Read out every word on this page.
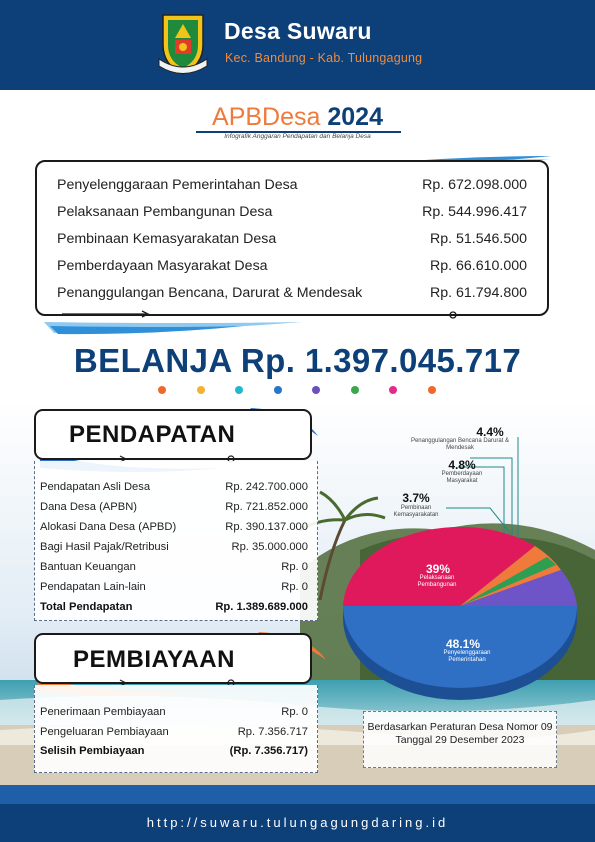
Desa Suwaru
Kec. Bandung - Kab. Tulungagung
APBDesa 2024
Infografik Anggaran Pendapatan dan Belanja Desa
Penyelenggaraan Pemerintahan Desa	Rp. 672.098.000
Pelaksanaan Pembangunan Desa	Rp. 544.996.417
Pembinaan Kemasyarakatan Desa	Rp. 51.546.500
Pemberdayaan Masyarakat Desa	Rp. 66.610.000
Penanggulangan Bencana, Darurat & Mendesak	Rp. 61.794.800
BELANJA Rp. 1.397.045.717
PENDAPATAN
Pendapatan Asli Desa	Rp. 242.700.000
Dana Desa (APBN)	Rp. 721.852.000
Alokasi Dana Desa (APBD)	Rp. 390.137.000
Bagi Hasil Pajak/Retribusi	Rp. 35.000.000
Bantuan Keuangan	Rp. 0
Pendapatan Lain-lain	Rp. 0
Total Pendapatan	Rp. 1.389.689.000
PEMBIAYAAN
Penerimaan Pembiayaan	Rp. 0
Pengeluaran Pembiayaan	Rp. 7.356.717
Selisih Pembiayaan	(Rp. 7.356.717)
4.4%
Penanggulangan Bencana Darurat & Mendesak
4.8%
Pemberdayaan Masyarakat
3.7%
Pembinaan Kemasyarakatan
39%
Pelaksanaan Pembangunan
48.1%
Penyelenggaraan Pemerintahan
Berdasarkan Peraturan Desa Nomor 09 Tanggal 29 Desember 2023
http://suwaru.tulungagungdaring.id
